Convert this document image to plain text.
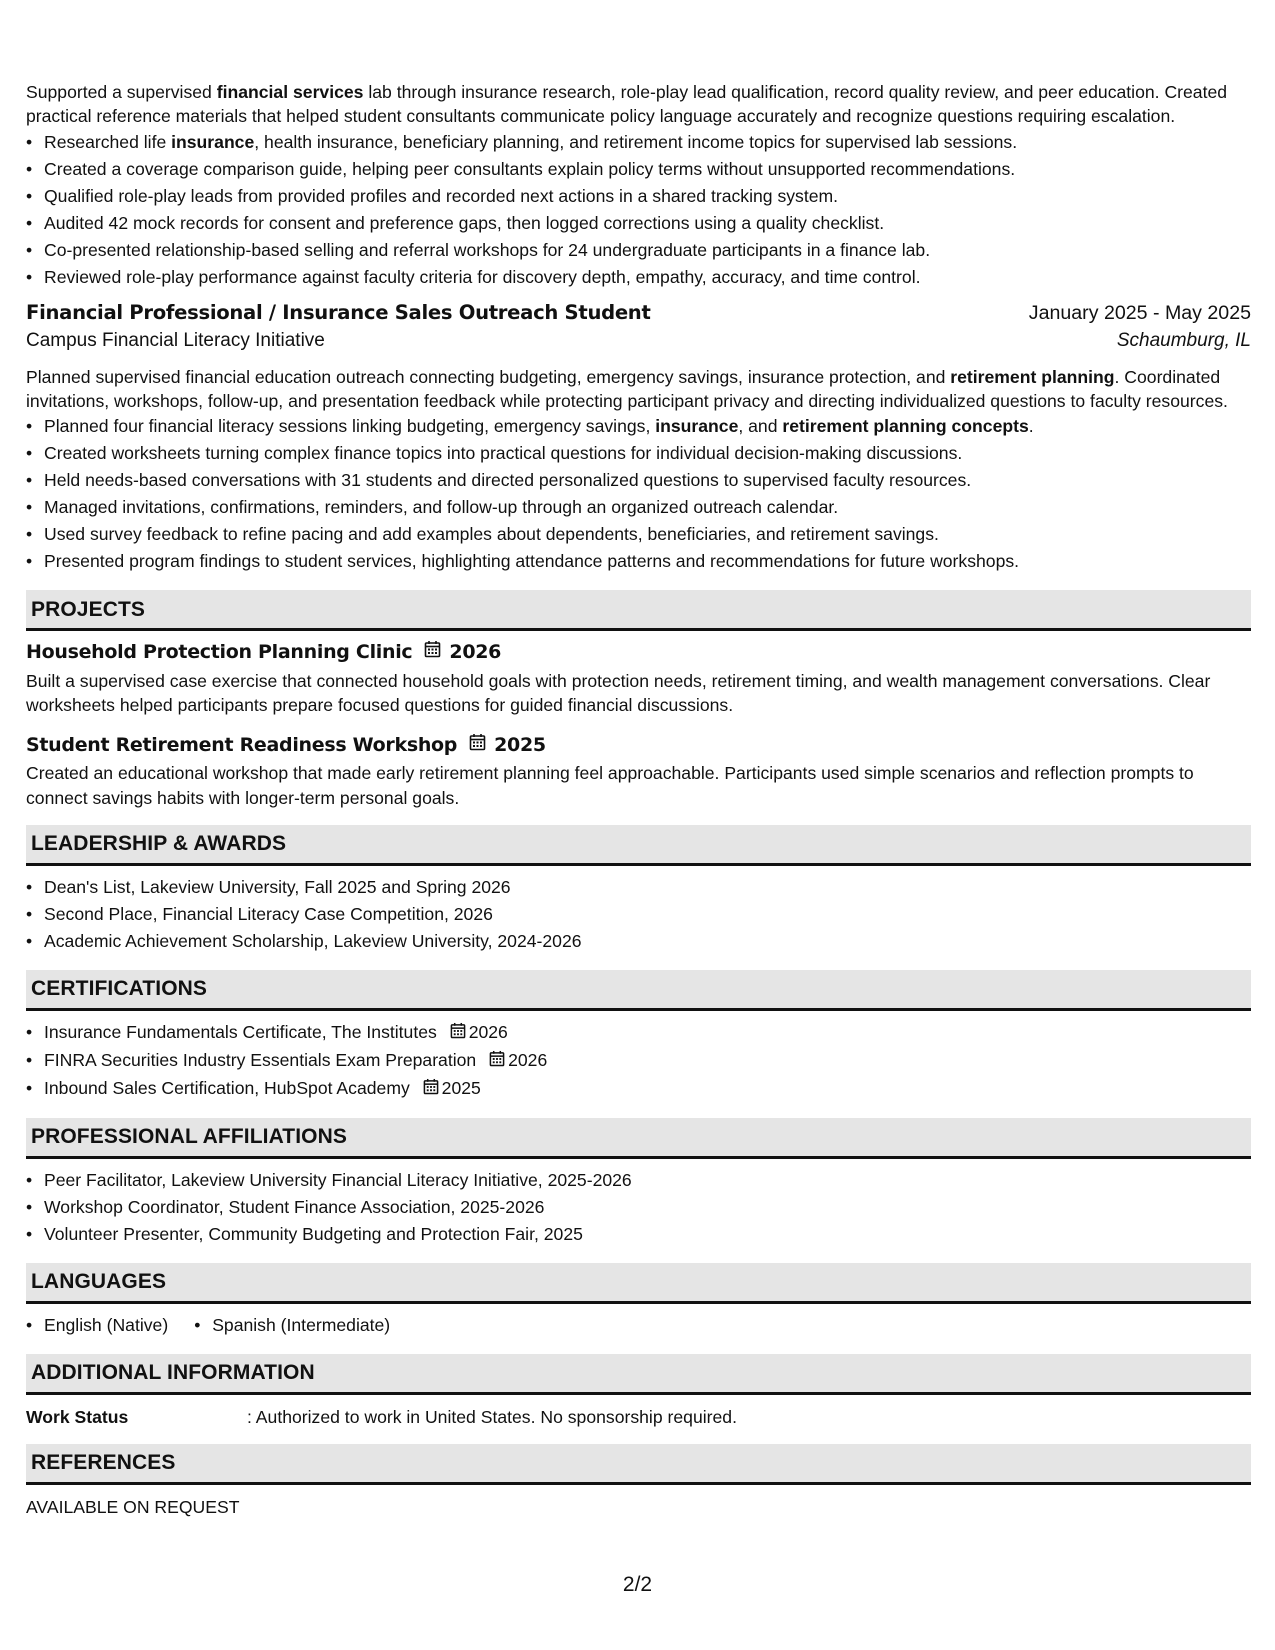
Supported a supervised financial services lab through insurance research, role-play lead qualification, record quality review, and peer education. Created practical reference materials that helped student consultants communicate policy language accurately and recognize questions requiring escalation.

• Researched life insurance, health insurance, beneficiary planning, and retirement income topics for supervised lab sessions.
• Created a coverage comparison guide, helping peer consultants explain policy terms without unsupported recommendations.
• Qualified role-play leads from provided profiles and recorded next actions in a shared tracking system.
• Audited 42 mock records for consent and preference gaps, then logged corrections using a quality checklist.
• Co-presented relationship-based selling and referral workshops for 24 undergraduate participants in a finance lab.
• Reviewed role-play performance against faculty criteria for discovery depth, empathy, accuracy, and time control.
Financial Professional / Insurance Sales Outreach Student	January 2025 - May 2025
Campus Financial Literacy Initiative	Schaumburg, IL

Planned supervised financial education outreach connecting budgeting, emergency savings, insurance protection, and retirement planning. Coordinated invitations, workshops, follow-up, and presentation feedback while protecting participant privacy and directing individualized questions to faculty resources.

• Planned four financial literacy sessions linking budgeting, emergency savings, insurance, and retirement planning concepts.
• Created worksheets turning complex finance topics into practical questions for individual decision-making discussions.
• Held needs-based conversations with 31 students and directed personalized questions to supervised faculty resources.
• Managed invitations, confirmations, reminders, and follow-up through an organized outreach calendar.
• Used survey feedback to refine pacing and add examples about dependents, beneficiaries, and retirement savings.
• Presented program findings to student services, highlighting attendance patterns and recommendations for future workshops.
PROJECTS
Household Protection Planning Clinic 2026

Built a supervised case exercise that connected household goals with protection needs, retirement timing, and wealth management conversations. Clear worksheets helped participants prepare focused questions for guided financial discussions.

Student Retirement Readiness Workshop 2025

Created an educational workshop that made early retirement planning feel approachable. Participants used simple scenarios and reflection prompts to connect savings habits with longer-term personal goals.

LEADERSHIP & AWARDS
• Dean's List, Lakeview University, Fall 2025 and Spring 2026
• Second Place, Financial Literacy Case Competition, 2026
• Academic Achievement Scholarship, Lakeview University, 2024-2026
CERTIFICATIONS
• Insurance Fundamentals Certificate, The Institutes 2026
• FINRA Securities Industry Essentials Exam Preparation 2026
• Inbound Sales Certification, HubSpot Academy 2025
PROFESSIONAL AFFILIATIONS
• Peer Facilitator, Lakeview University Financial Literacy Initiative, 2025-2026
• Workshop Coordinator, Student Finance Association, 2025-2026
• Volunteer Presenter, Community Budgeting and Protection Fair, 2025
LANGUAGES
• English (Native)
•	Spanish (Intermediate)
ADDITIONAL INFORMATION
Work Status	: Authorized to work in United States. No sponsorship required.
REFERENCES

AVAILABLE ON REQUEST

2/2
